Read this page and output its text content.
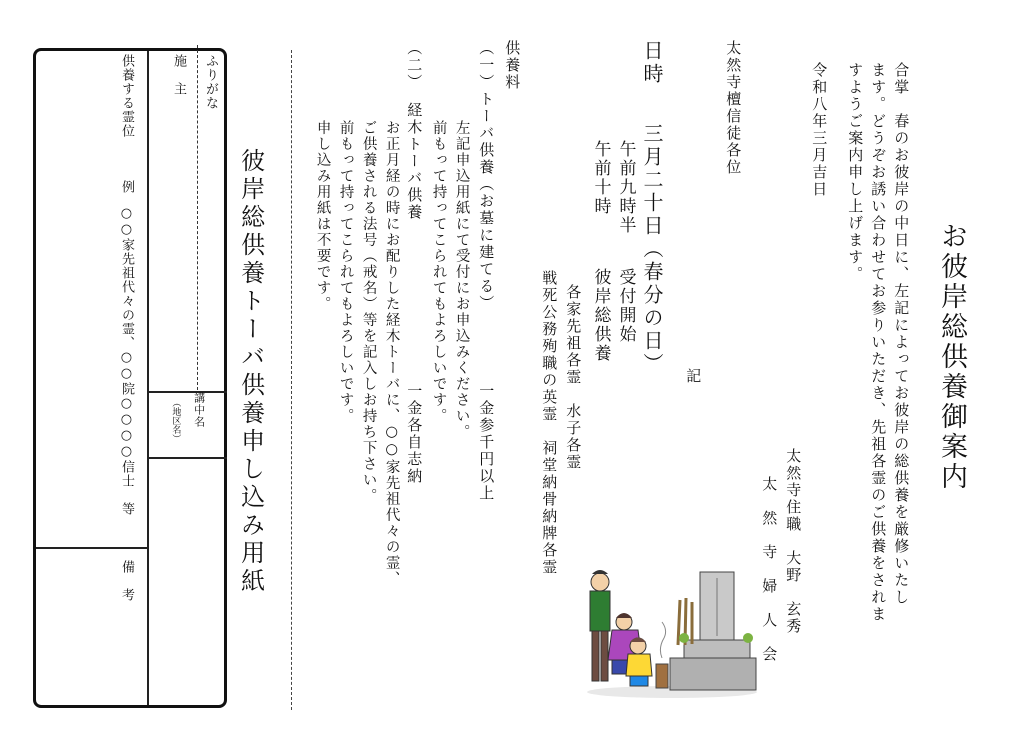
お彼岸総供養御案内
合掌　春のお彼岸の中日に、左記によってお彼岸の総供養を厳修いたし
ます。どうぞお誘い合わせてお参りいただき、先祖各霊のご供養をされま
すようご案内申し上げます。
令和八年三月吉日
太然寺住職　大野　玄秀
太　然　寺　婦　人　会
太然寺檀信徒各位
記
日時
三月二十日（春分の日）
午前九時半
受付開始
午前十時
彼岸総供養
各家先祖各霊　水子各霊
戦死公務殉職の英霊　祠堂納骨納牌各霊
供養料
（一）トーバ供養（お墓に建てる）
一金参千円以上
左記申込用紙にて受付にお申込みください。
前もって持ってこられてもよろしいです。
（二）
経木トーバ供養
一金各自志納
お正月経の時にお配りした経木トーバに、○○家先祖代々の霊、
ご供養される法号（戒名）等を記入しお持ち下さい。
前もって持ってこられてもよろしいです。
申し込み用紙は不要です。
彼岸総供養トーバ供養申し込み用紙
ふりがな
施　主
講中名
（地区名）
供養する霊位
例
○○家先祖代々の霊、○○院○○○○信士　等
備　考
